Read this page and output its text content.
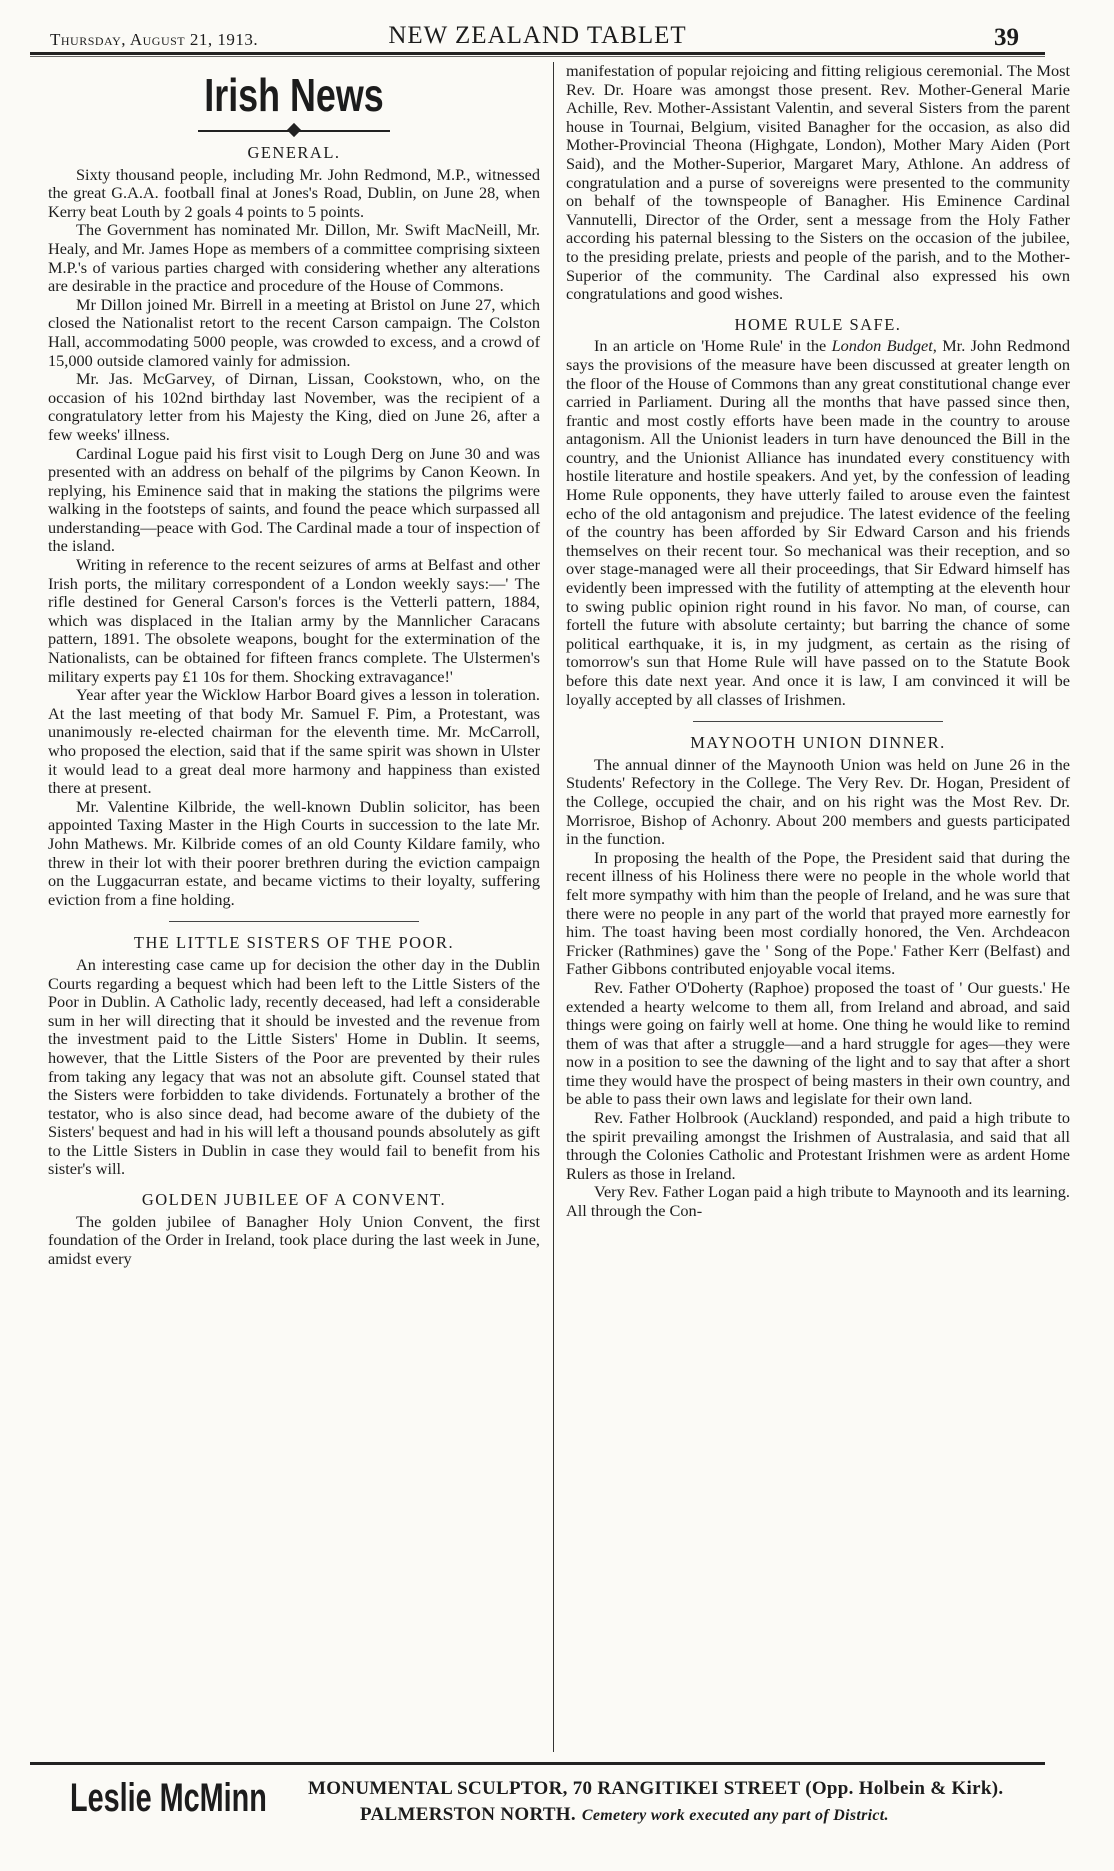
Thursday, August 21, 1913.	NEW ZEALAND TABLET	39
Irish News
GENERAL.

Sixty thousand people, including Mr. John Redmond, M.P., witnessed the great G.A.A. football final at Jones's Road, Dublin, on June 28, when Kerry beat Louth by 2 goals 4 points to 5 points.

The Government has nominated Mr. Dillon, Mr. Swift MacNeill, Mr. Healy, and Mr. James Hope as members of a committee comprising sixteen M.P.'s of various parties charged with considering whether any alterations are desirable in the practice and procedure of the House of Commons.

Mr Dillon joined Mr. Birrell in a meeting at Bristol on June 27, which closed the Nationalist retort to the recent Carson campaign. The Colston Hall, accommodating 5000 people, was crowded to excess, and a crowd of 15,000 outside clamored vainly for admission.

Mr. Jas. McGarvey, of Dirnan, Lissan, Cookstown, who, on the occasion of his 102nd birthday last November, was the recipient of a congratulatory letter from his Majesty the King, died on June 26, after a few weeks' illness.

Cardinal Logue paid his first visit to Lough Derg on June 30 and was presented with an address on behalf of the pilgrims by Canon Keown. In replying, his Eminence said that in making the stations the pilgrims were walking in the footsteps of saints, and found the peace which surpassed all understanding—peace with God. The Cardinal made a tour of inspection of the island.

Writing in reference to the recent seizures of arms at Belfast and other Irish ports, the military correspondent of a London weekly says:—' The rifle destined for General Carson's forces is the Vetterli pattern, 1884, which was displaced in the Italian army by the Mannlicher Caracans pattern, 1891. The obsolete weapons, bought for the extermination of the Nationalists, can be obtained for fifteen francs complete. The Ulstermen's military experts pay £1 10s for them. Shocking extravagance!'

Year after year the Wicklow Harbor Board gives a lesson in toleration. At the last meeting of that body Mr. Samuel F. Pim, a Protestant, was unanimously re-elected chairman for the eleventh time. Mr. McCarroll, who proposed the election, said that if the same spirit was shown in Ulster it would lead to a great deal more harmony and happiness than existed there at present.

Mr. Valentine Kilbride, the well-known Dublin solicitor, has been appointed Taxing Master in the High Courts in succession to the late Mr. John Mathews. Mr. Kilbride comes of an old County Kildare family, who threw in their lot with their poorer brethren during the eviction campaign on the Luggacurran estate, and became victims to their loyalty, suffering eviction from a fine holding.

THE LITTLE SISTERS OF THE POOR.

An interesting case came up for decision the other day in the Dublin Courts regarding a bequest which had been left to the Little Sisters of the Poor in Dublin. A Catholic lady, recently deceased, had left a considerable sum in her will directing that it should be invested and the revenue from the investment paid to the Little Sisters' Home in Dublin. It seems, however, that the Little Sisters of the Poor are prevented by their rules from taking any legacy that was not an absolute gift. Counsel stated that the Sisters were forbidden to take dividends. Fortunately a brother of the testator, who is also since dead, had become aware of the dubiety of the Sisters' bequest and had in his will left a thousand pounds absolutely as gift to the Little Sisters in Dublin in case they would fail to benefit from his sister's will.

GOLDEN JUBILEE OF A CONVENT.

The golden jubilee of Banagher Holy Union Convent, the first foundation of the Order in Ireland, took place during the last week in June, amidst every

manifestation of popular rejoicing and fitting religious ceremonial. The Most Rev. Dr. Hoare was amongst those present. Rev. Mother-General Marie Achille, Rev. Mother-Assistant Valentin, and several Sisters from the parent house in Tournai, Belgium, visited Banagher for the occasion, as also did Mother-Provincial Theona (Highgate, London), Mother Mary Aiden (Port Said), and the Mother-Superior, Margaret Mary, Athlone. An address of congratulation and a purse of sovereigns were presented to the community on behalf of the townspeople of Banagher. His Eminence Cardinal Vannutelli, Director of the Order, sent a message from the Holy Father according his paternal blessing to the Sisters on the occasion of the jubilee, to the presiding prelate, priests and people of the parish, and to the Mother-Superior of the community. The Cardinal also expressed his own congratulations and good wishes.

HOME RULE SAFE.

In an article on 'Home Rule' in the London Budget, Mr. John Redmond says the provisions of the measure have been discussed at greater length on the floor of the House of Commons than any great constitutional change ever carried in Parliament. During all the months that have passed since then, frantic and most costly efforts have been made in the country to arouse antagonism. All the Unionist leaders in turn have denounced the Bill in the country, and the Unionist Alliance has inundated every constituency with hostile literature and hostile speakers. And yet, by the confession of leading Home Rule opponents, they have utterly failed to arouse even the faintest echo of the old antagonism and prejudice. The latest evidence of the feeling of the country has been afforded by Sir Edward Carson and his friends themselves on their recent tour. So mechanical was their reception, and so over stage-managed were all their proceedings, that Sir Edward himself has evidently been impressed with the futility of attempting at the eleventh hour to swing public opinion right round in his favor. No man, of course, can fortell the future with absolute certainty; but barring the chance of some political earthquake, it is, in my judgment, as certain as the rising of tomorrow's sun that Home Rule will have passed on to the Statute Book before this date next year. And once it is law, I am convinced it will be loyally accepted by all classes of Irishmen.

MAYNOOTH UNION DINNER.

The annual dinner of the Maynooth Union was held on June 26 in the Students' Refectory in the College. The Very Rev. Dr. Hogan, President of the College, occupied the chair, and on his right was the Most Rev. Dr. Morrisroe, Bishop of Achonry. About 200 members and guests participated in the function.

In proposing the health of the Pope, the President said that during the recent illness of his Holiness there were no people in the whole world that felt more sympathy with him than the people of Ireland, and he was sure that there were no people in any part of the world that prayed more earnestly for him. The toast having been most cordially honored, the Ven. Archdeacon Fricker (Rathmines) gave the ' Song of the Pope.' Father Kerr (Belfast) and Father Gibbons contributed enjoyable vocal items.

Rev. Father O'Doherty (Raphoe) proposed the toast of ' Our guests.' He extended a hearty welcome to them all, from Ireland and abroad, and said things were going on fairly well at home. One thing he would like to remind them of was that after a struggle—and a hard struggle for ages—they were now in a position to see the dawning of the light and to say that after a short time they would have the prospect of being masters in their own country, and be able to pass their own laws and legislate for their own land.

Rev. Father Holbrook (Auckland) responded, and paid a high tribute to the spirit prevailing amongst the Irishmen of Australasia, and said that all through the Colonies Catholic and Protestant Irishmen were as ardent Home Rulers as those in Ireland.

Very Rev. Father Logan paid a high tribute to Maynooth and its learning. All through the Con-

Leslie McMinn MONUMENTAL SCULPTOR, 70 RANGITIKEI STREET (Opp. Holbein & Kirk).
PALMERSTON NORTH. Cemetery work executed any part of District.
